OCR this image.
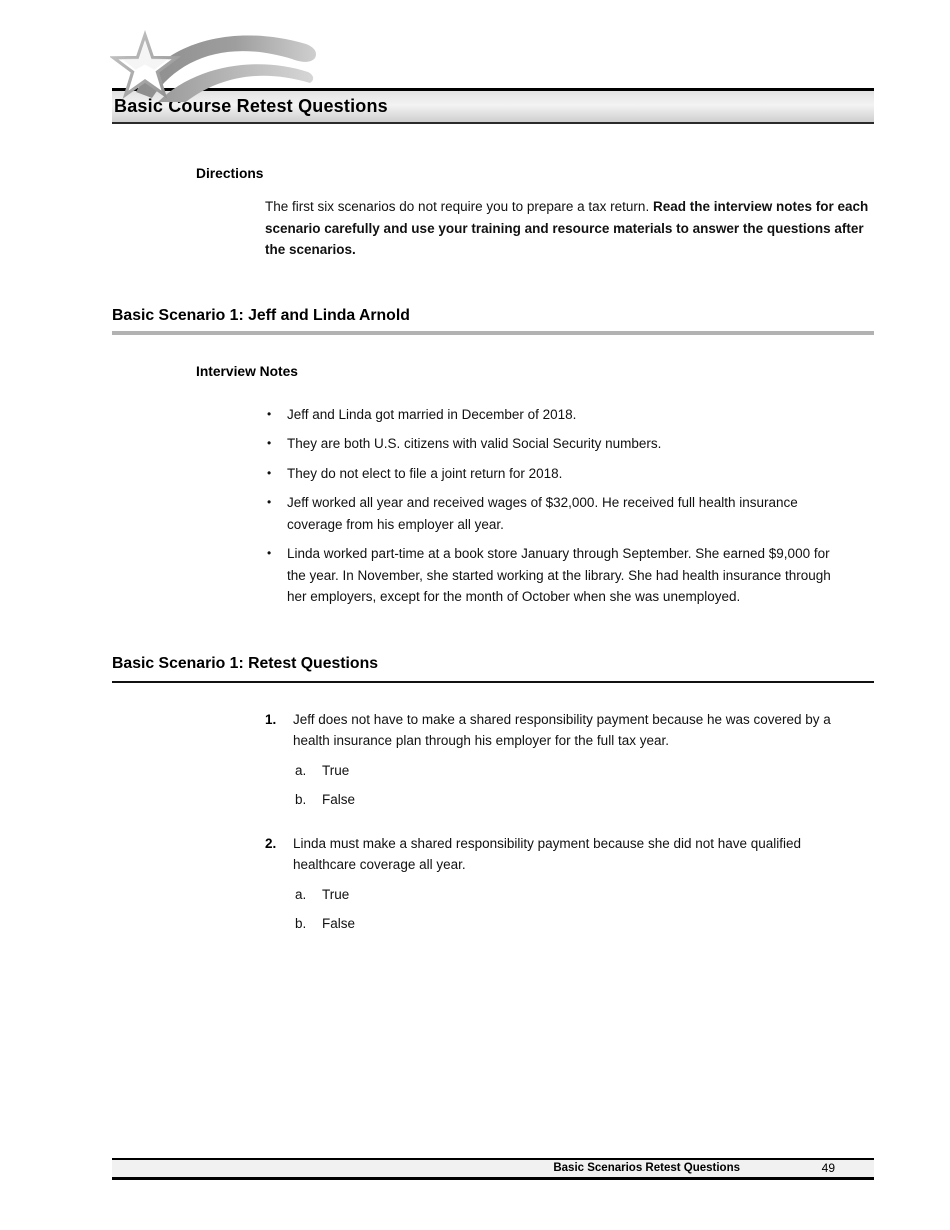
Basic Course Retest Questions
Directions

The first six scenarios do not require you to prepare a tax return. Read the interview notes for each scenario carefully and use your training and resource materials to answer the questions after the scenarios.

Basic Scenario 1: Jeff and Linda Arnold
Interview Notes
• Jeff and Linda got married in December of 2018.
• They are both U.S. citizens with valid Social Security numbers.
• They do not elect to file a joint return for 2018.
• Jeff worked all year and received wages of $32,000. He received full health insurance coverage from his employer all year.
• Linda worked part-time at a book store January through September. She earned $9,000 for the year. In November, she started working at the library. She had health insurance through her employers, except for the month of October when she was unemployed.
Basic Scenario 1: Retest Questions
1.	Jeff does not have to make a shared responsibility payment because he was covered by a health insurance plan through his employer for the full tax year.
a.	True
b.	False
2.	Linda must make a shared responsibility payment because she did not have qualified healthcare coverage all year.
a.	True
b.	False
Basic Scenarios Retest Questions	49
